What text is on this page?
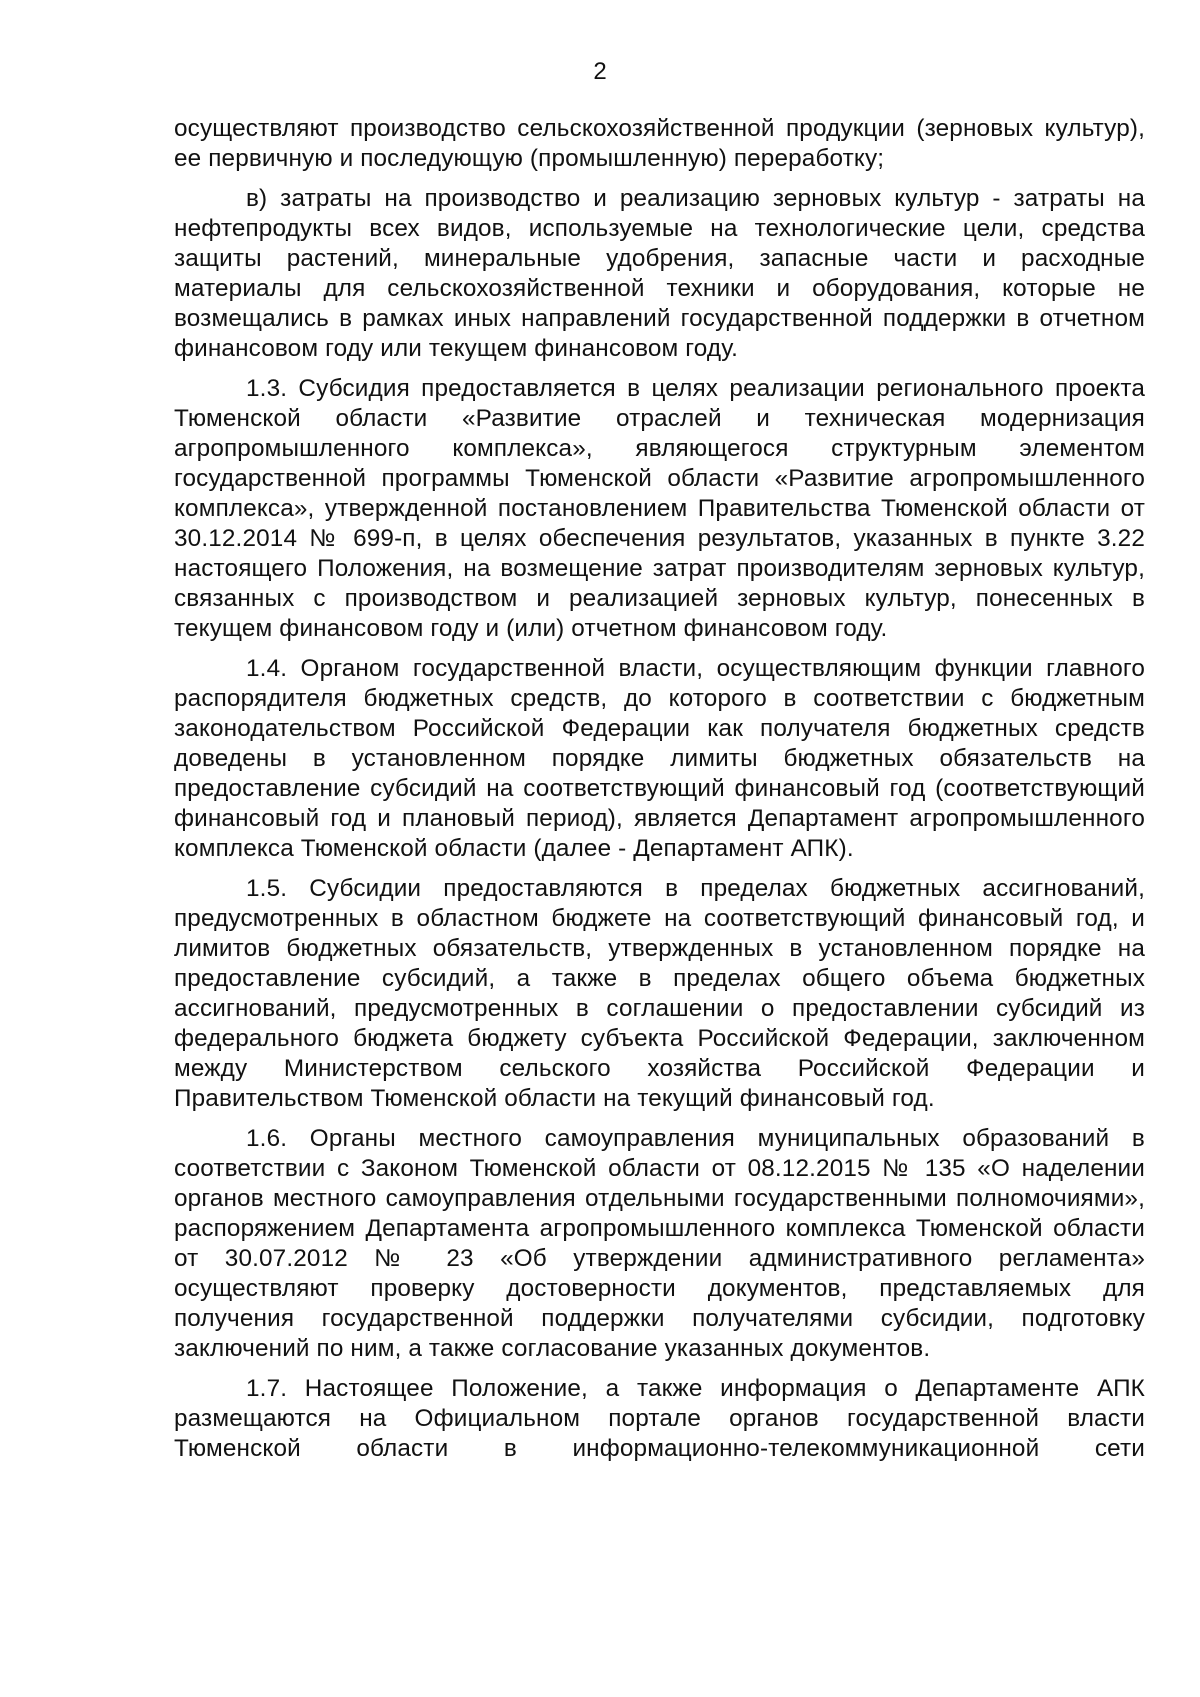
2

осуществляют производство сельскохозяйственной продукции (зерновых культур), ее первичную и последующую (промышленную) переработку;

в) затраты на производство и реализацию зерновых культур - затраты на нефтепродукты всех видов, используемые на технологические цели, средства защиты растений, минеральные удобрения, запасные части и расходные материалы для сельскохозяйственной техники и оборудования, которые не возмещались в рамках иных направлений государственной поддержки в отчетном финансовом году или текущем финансовом году.

1.3. Субсидия предоставляется в целях реализации регионального проекта Тюменской области «Развитие отраслей и техническая модернизация агропромышленного комплекса», являющегося структурным элементом государственной программы Тюменской области «Развитие агропромышленного комплекса», утвержденной постановлением Правительства Тюменской области от 30.12.2014 № 699-п, в целях обеспечения результатов, указанных в пункте 3.22 настоящего Положения, на возмещение затрат производителям зерновых культур, связанных с производством и реализацией зерновых культур, понесенных в текущем финансовом году и (или) отчетном финансовом году.

1.4. Органом государственной власти, осуществляющим функции главного распорядителя бюджетных средств, до которого в соответствии с бюджетным законодательством Российской Федерации как получателя бюджетных средств доведены в установленном порядке лимиты бюджетных обязательств на предоставление субсидий на соответствующий финансовый год (соответствующий финансовый год и плановый период), является Департамент агропромышленного комплекса Тюменской области (далее - Департамент АПК).

1.5. Субсидии предоставляются в пределах бюджетных ассигнований, предусмотренных в областном бюджете на соответствующий финансовый год, и лимитов бюджетных обязательств, утвержденных в установленном порядке на предоставление субсидий, а также в пределах общего объема бюджетных ассигнований, предусмотренных в соглашении о предоставлении субсидий из федерального бюджета бюджету субъекта Российской Федерации, заключенном между Министерством сельского хозяйства Российской Федерации и Правительством Тюменской области на текущий финансовый год.

1.6. Органы местного самоуправления муниципальных образований в соответствии с Законом Тюменской области от 08.12.2015 № 135 «О наделении органов местного самоуправления отдельными государственными полномочиями», распоряжением Департамента агропромышленного комплекса Тюменской области от 30.07.2012 № 23 «Об утверждении административного регламента» осуществляют проверку достоверности документов, представляемых для получения государственной поддержки получателями субсидии, подготовку заключений по ним, а также согласование указанных документов.

1.7. Настоящее Положение, а также информация о Департаменте АПК размещаются на Официальном портале органов государственной власти Тюменской области в информационно-телекоммуникационной сети
